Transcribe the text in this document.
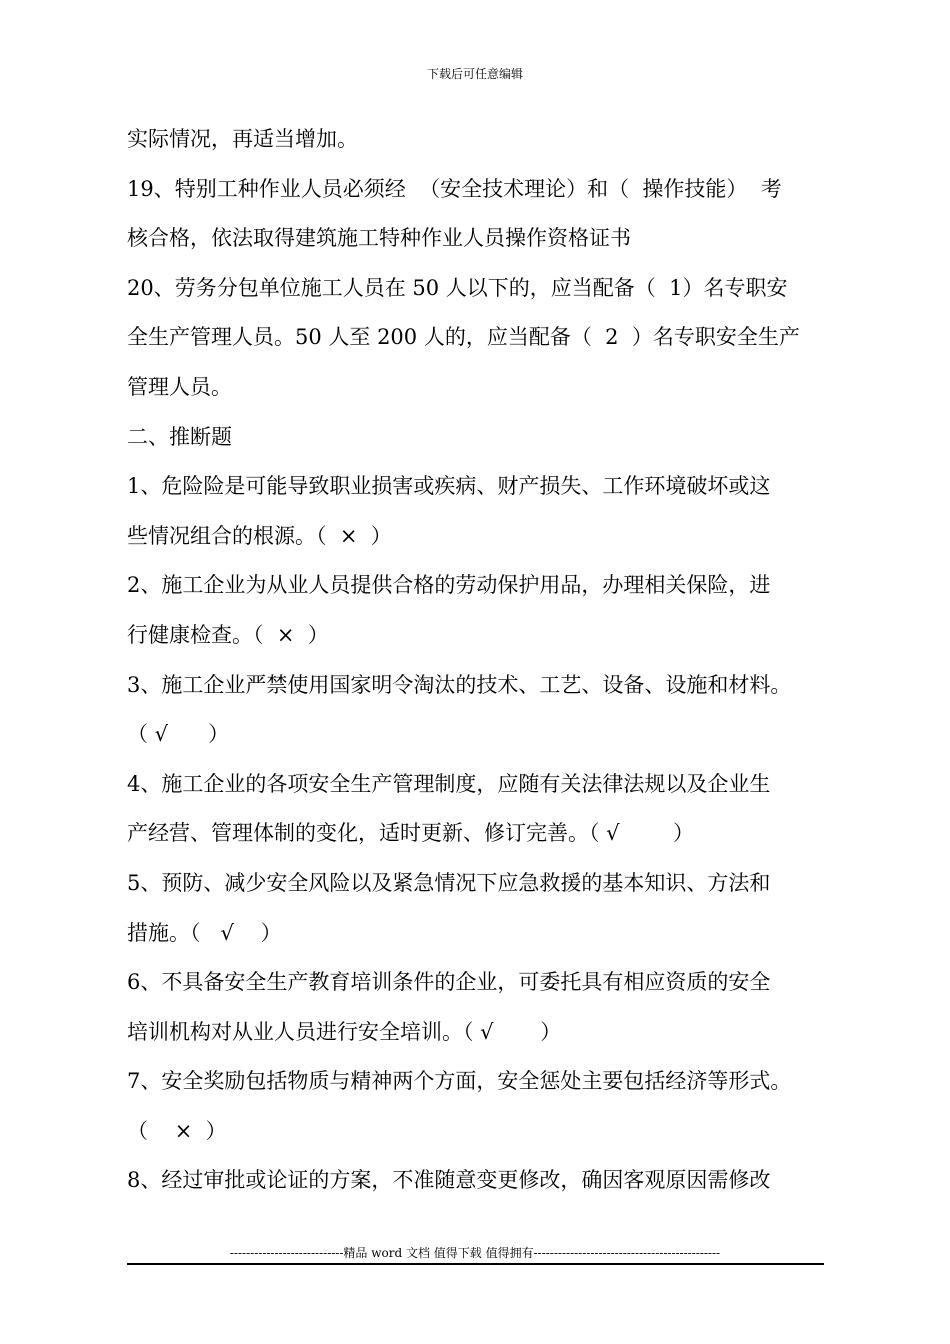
下载后可任意编辑
实际情况，再适当增加。
19、特别工种作业人员必须经  （安全技术理论）和（  操作技能）  考
核合格，依法取得建筑施工特种作业人员操作资格证书
20、劳务分包单位施工人员在 50 人以下的，应当配备（  1）名专职安
全生产管理人员。50 人至 200 人的，应当配备（  2  ）名专职安全生产
管理人员。
二、推断题
1、危险险是可能导致职业损害或疾病、财产损失、工作环境破坏或这
些情况组合的根源。（  ×  ）
2、施工企业为从业人员提供合格的劳动保护用品，办理相关保险，进
行健康检查。（  ×  ）
3、施工企业严禁使用国家明令淘汰的技术、工艺、设备、设施和材料。
（ √      ）
4、施工企业的各项安全生产管理制度，应随有关法律法规以及企业生
产经营、管理体制的变化，适时更新、修订完善。（ √        ）
5、预防、减少安全风险以及紧急情况下应急救援的基本知识、方法和
措施。（   √    ）
6、不具备安全生产教育培训条件的企业，可委托具有相应资质的安全
培训机构对从业人员进行安全培训。（ √       ）
7、安全奖励包括物质与精神两个方面，安全惩处主要包括经济等形式。
（    ×  ）
8、经过审批或论证的方案，不准随意变更修改，确因客观原因需修改
----------------------------精品 word 文档 值得下载 值得拥有----------------------------------------------
